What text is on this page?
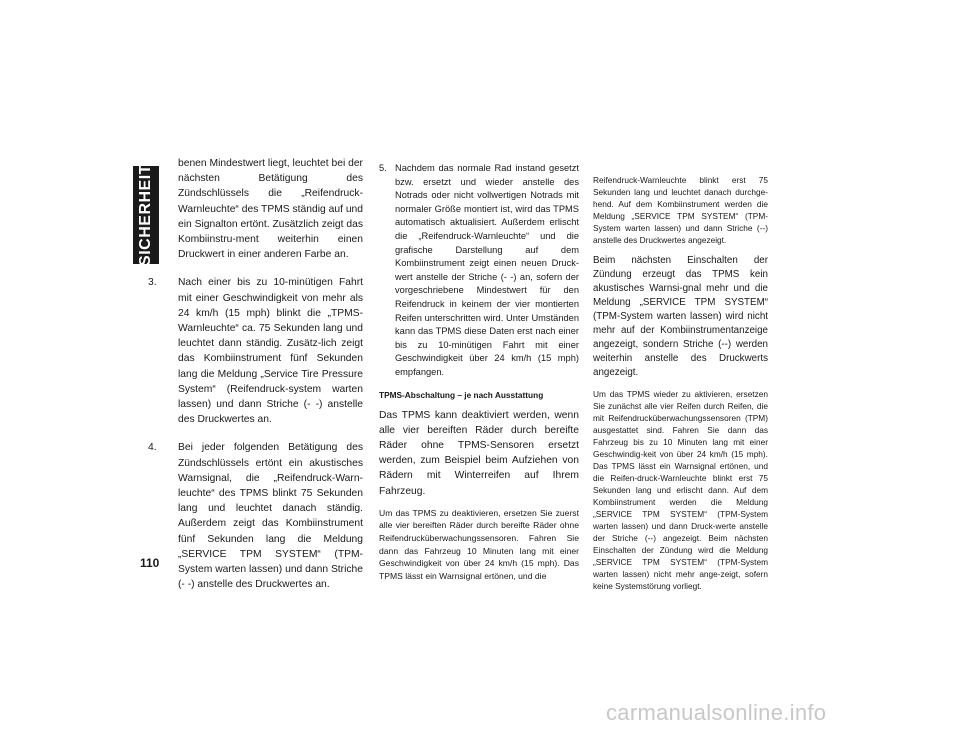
SICHERHEIT
110

benen Mindestwert liegt, leuchtet bei der nächsten Betätigung des Zündschlüssels die „Reifendruck-Warnleuchte“ des TPMS ständig auf und ein Signalton ertönt. Zusätzlich zeigt das Kombiinstru-ment weiterhin einen Druckwert in einer anderen Farbe an.

3. Nach einer bis zu 10-minütigen Fahrt mit einer Geschwindigkeit von mehr als 24 km/h (15 mph) blinkt die „TPMS-Warnleuchte“ ca. 75 Sekunden lang und leuchtet dann ständig. Zusätz-lich zeigt das Kombiinstrument fünf Sekunden lang die Meldung „Service Tire Pressure System“ (Reifendruck-system warten lassen) und dann Striche (- -) anstelle des Druckwertes an.

4. Bei jeder folgenden Betätigung des Zündschlüssels ertönt ein akustisches Warnsignal, die „Reifendruck-Warn-leuchte“ des TPMS blinkt 75 Sekunden lang und leuchtet danach ständig. Außerdem zeigt das Kombiinstrument fünf Sekunden lang die Meldung „SERVICE TPM SYSTEM“ (TPM-System warten lassen) und dann Striche (- -) anstelle des Druckwertes an.

5. Nachdem das normale Rad instand gesetzt bzw. ersetzt und wieder anstelle des Notrads oder nicht vollwertigen Notrads mit normaler Größe montiert ist, wird das TPMS automatisch aktualisiert. Außerdem erlischt die „Reifendruck-Warnleuchte“ und die grafische Darstellung auf dem Kombiinstrument zeigt einen neuen Druck-wert anstelle der Striche (- -) an, sofern der vorgeschriebene Mindestwert für den Reifendruck in keinem der vier montierten Reifen unterschritten wird. Unter Umständen kann das TPMS diese Daten erst nach einer bis zu 10-minütigen Fahrt mit einer Geschwindigkeit über 24 km/h (15 mph) empfangen.

TPMS-Abschaltung – je nach Ausstattung

Das TPMS kann deaktiviert werden, wenn alle vier bereiften Räder durch bereifte Räder ohne TPMS-Sensoren ersetzt werden, zum Beispiel beim Aufziehen von Rädern mit Winterreifen auf Ihrem Fahrzeug.

Um das TPMS zu deaktivieren, ersetzen Sie zuerst alle vier bereiften Räder durch bereifte Räder ohne Reifendrucküberwachungssensoren. Fahren Sie dann das Fahrzeug 10 Minuten lang mit einer Geschwindigkeit von über 24 km/h (15 mph). Das TPMS lässt ein Warnsignal ertönen, und die

Reifendruck-Warnleuchte blinkt erst 75 Sekunden lang und leuchtet danach durchge-hend. Auf dem Kombiinstrument werden die Meldung „SERVICE TPM SYSTEM“ (TPM-System warten lassen) und dann Striche (--) anstelle des Druckwertes angezeigt.

Beim nächsten Einschalten der Zündung erzeugt das TPMS kein akustisches Warnsi-gnal mehr und die Meldung „SERVICE TPM SYSTEM“ (TPM-System warten lassen) wird nicht mehr auf der Kombiinstrumentanzeige angezeigt, sondern Striche (--) werden weiterhin anstelle des Druckwerts angezeigt.

Um das TPMS wieder zu aktivieren, ersetzen Sie zunächst alle vier Reifen durch Reifen, die mit Reifendrucküberwachungssensoren (TPM) ausgestattet sind. Fahren Sie dann das Fahrzeug bis zu 10 Minuten lang mit einer Geschwindig-keit von über 24 km/h (15 mph). Das TPMS lässt ein Warnsignal ertönen, und die Reifen-druck-Warnleuchte blinkt erst 75 Sekunden lang und erlischt dann. Auf dem Kombiinstrument werden die Meldung „SERVICE TPM SYSTEM“ (TPM-System warten lassen) und dann Druck-werte anstelle der Striche (--) angezeigt. Beim nächsten Einschalten der Zündung wird die Meldung „SERVICE TPM SYSTEM“ (TPM-System warten lassen) nicht mehr ange-zeigt, sofern keine Systemstörung vorliegt.

carmanualsonline.info
